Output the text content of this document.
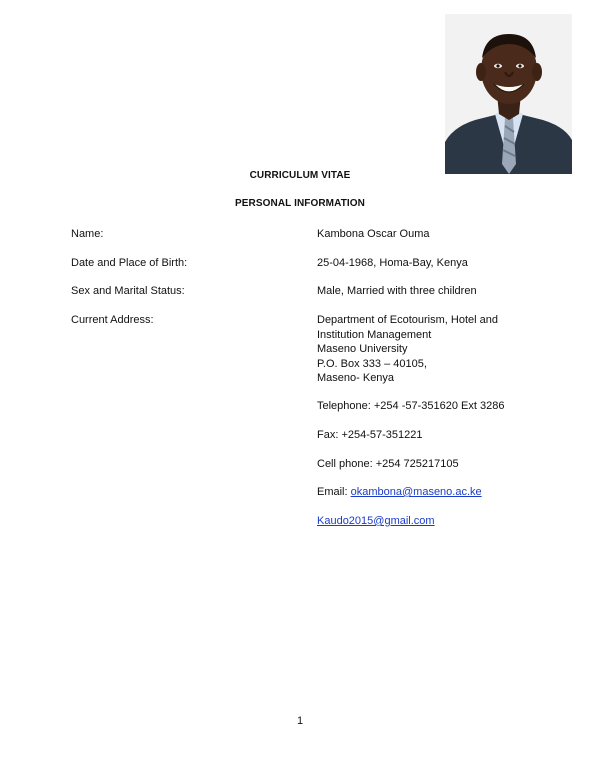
CURRICULUM VITAE
PERSONAL INFORMATION
Name:	Kambona Oscar Ouma
Date and Place of Birth:	25-04-1968, Homa-Bay, Kenya
Sex and Marital Status:	Male, Married with three children
Current Address:	Department of Ecotourism, Hotel and
Institution Management
Maseno University
P.O. Box 333 – 40105,
Maseno- Kenya
Telephone: +254 -57-351620 Ext 3286
Fax: +254-57-351221
Cell phone: +254 725217105
Email: okambona@maseno.ac.ke
Kaudo2015@gmail.com
1
